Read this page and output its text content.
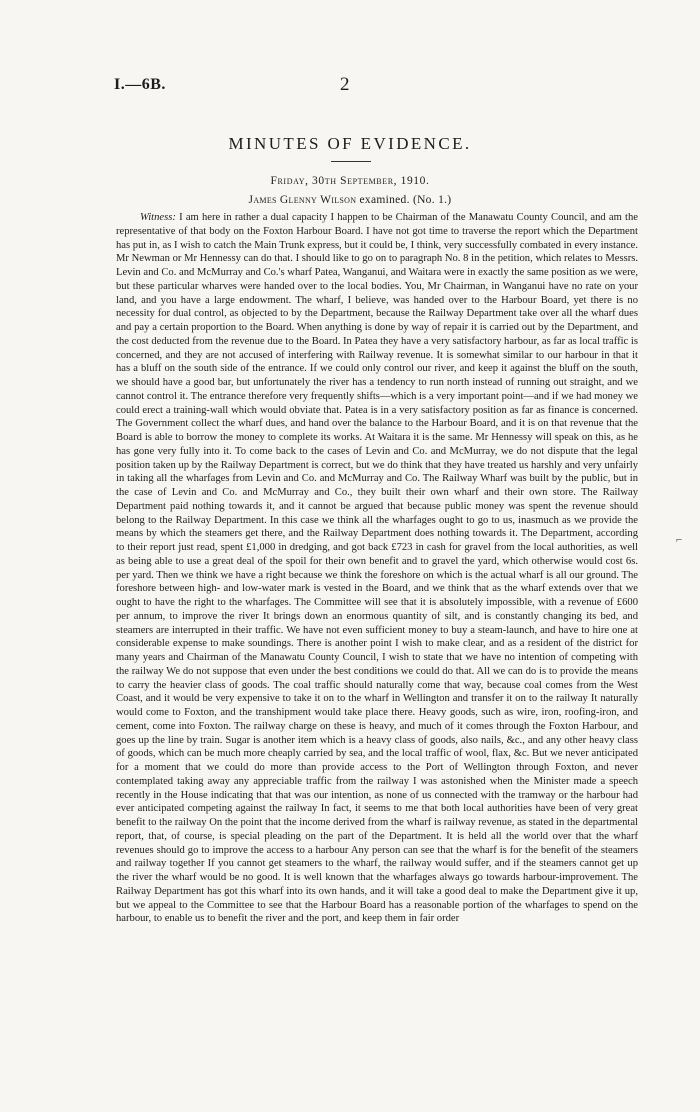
I.—6B.	2
MINUTES OF EVIDENCE.
Friday, 30th September, 1910.
James Glenny Wilson examined. (No. 1.)

Witness: I am here in rather a dual capacity I happen to be Chairman of the Manawatu County Council, and am the representative of that body on the Foxton Harbour Board. I have not got time to traverse the report which the Department has put in, as I wish to catch the Main Trunk express, but it could be, I think, very successfully combated in every instance. Mr Newman or Mr Hennessy can do that. I should like to go on to paragraph No. 8 in the petition, which relates to Messrs. Levin and Co. and McMurray and Co.'s wharf Patea, Wanganui, and Waitara were in exactly the same position as we were, but these particular wharves were handed over to the local bodies. You, Mr Chairman, in Wanganui have no rate on your land, and you have a large endowment. The wharf, I believe, was handed over to the Harbour Board, yet there is no necessity for dual control, as objected to by the Department, because the Railway Department take over all the wharf dues and pay a certain proportion to the Board. When anything is done by way of repair it is carried out by the Department, and the cost deducted from the revenue due to the Board. In Patea they have a very satisfactory harbour, as far as local traffic is concerned, and they are not accused of interfering with Railway revenue. It is somewhat similar to our harbour in that it has a bluff on the south side of the entrance. If we could only control our river, and keep it against the bluff on the south, we should have a good bar, but unfortunately the river has a tendency to run north instead of running out straight, and we cannot control it. The entrance therefore very frequently shifts—which is a very important point—and if we had money we could erect a training-wall which would obviate that. Patea is in a very satisfactory position as far as finance is concerned. The Government collect the wharf dues, and hand over the balance to the Harbour Board, and it is on that revenue that the Board is able to borrow the money to complete its works. At Waitara it is the same. Mr Hennessy will speak on this, as he has gone very fully into it. To come back to the cases of Levin and Co. and McMurray, we do not dispute that the legal position taken up by the Railway Department is correct, but we do think that they have treated us harshly and very unfairly in taking all the wharfages from Levin and Co. and McMurray and Co. The Railway Wharf was built by the public, but in the case of Levin and Co. and McMurray and Co., they built their own wharf and their own store. The Railway Department paid nothing towards it, and it cannot be argued that because public money was spent the revenue should belong to the Railway Department. In this case we think all the wharfages ought to go to us, inasmuch as we provide the means by which the steamers get there, and the Railway Department does nothing towards it. The Department, according to their report just read, spent £1,000 in dredging, and got back £723 in cash for gravel from the local authorities, as well as being able to use a great deal of the spoil for their own benefit and to gravel the yard, which otherwise would cost 6s. per yard. Then we think we have a right because we think the foreshore on which is the actual wharf is all our ground. The foreshore between high- and low-water mark is vested in the Board, and we think that as the wharf extends over that we ought to have the right to the wharfages. The Committee will see that it is absolutely impossible, with a revenue of £600 per annum, to improve the river It brings down an enormous quantity of silt, and is constantly changing its bed, and steamers are interrupted in their traffic. We have not even sufficient money to buy a steam-launch, and have to hire one at considerable expense to make soundings. There is another point I wish to make clear, and as a resident of the district for many years and Chairman of the Manawatu County Council, I wish to state that we have no intention of competing with the railway We do not suppose that even under the best conditions we could do that. All we can do is to provide the means to carry the heavier class of goods. The coal traffic should naturally come that way, because coal comes from the West Coast, and it would be very expensive to take it on to the wharf in Wellington and transfer it on to the railway It naturally would come to Foxton, and the transhipment would take place there. Heavy goods, such as wire, iron, roofing-iron, and cement, come into Foxton. The railway charge on these is heavy, and much of it comes through the Foxton Harbour, and goes up the line by train. Sugar is another item which is a heavy class of goods, also nails, &c., and any other heavy class of goods, which can be much more cheaply carried by sea, and the local traffic of wool, flax, &c. But we never anticipated for a moment that we could do more than provide access to the Port of Wellington through Foxton, and never contemplated taking away any appreciable traffic from the railway I was astonished when the Minister made a speech recently in the House indicating that that was our intention, as none of us connected with the tramway or the harbour had ever anticipated competing against the railway In fact, it seems to me that both local authorities have been of very great benefit to the railway On the point that the income derived from the wharf is railway revenue, as stated in the departmental report, that, of course, is special pleading on the part of the Department. It is held all the world over that the wharf revenues should go to improve the access to a harbour Any person can see that the wharf is for the benefit of the steamers and railway together If you cannot get steamers to the wharf, the railway would suffer, and if the steamers cannot get up the river the wharf would be no good. It is well known that the wharfages always go towards harbour-improvement. The Railway Department has got this wharf into its own hands, and it will take a good deal to make the Department give it up, but we appeal to the Committee to see that the Harbour Board has a reasonable portion of the wharfages to spend on the harbour, to enable us to benefit the river and the port, and keep them in fair order

⌐
